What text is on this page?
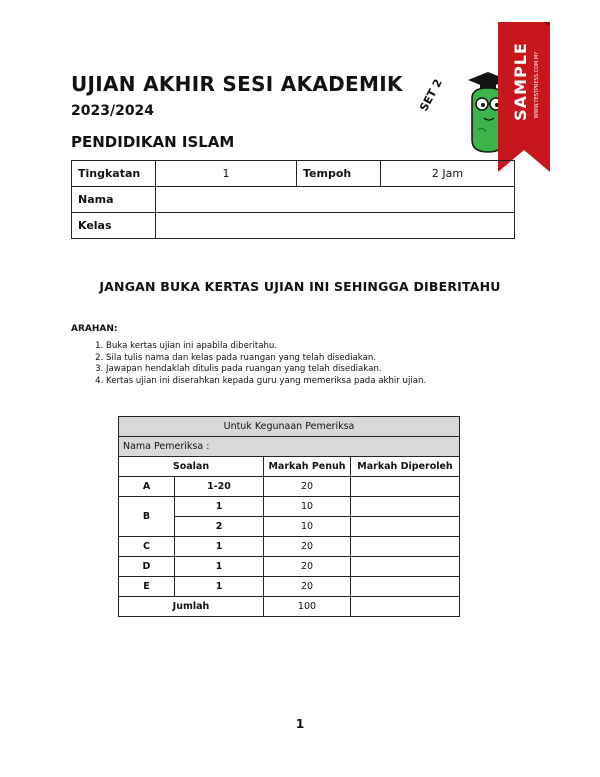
UJIAN AKHIR SESI AKADEMIK
2023/2024
PENDIDIKAN ISLAM
SET 2	SAMPLE WWW.TESTPRESS.COM.MY
Tingkatan	1	Tempoh	2 Jam
Nama			
Kelas			
JANGAN BUKA KERTAS UJIAN INI SEHINGGA DIBERITAHU
ARAHAN:
1. Buka kertas ujian ini apabila diberitahu.
2. Sila tulis nama dan kelas pada ruangan yang telah disediakan.
3. Jawapan hendaklah ditulis pada ruangan yang telah disediakan.
4. Kertas ujian ini diserahkan kepada guru yang memeriksa pada akhir ujian.
Untuk Kegunaan Pemeriksa			
Nama Pemeriksa :			
Soalan		Markah Penuh	Markah Diperoleh
A	1-20	20	
B	1	10	
	2	10	
C	1	20	
D	1	20	
E	1	20	
Jumlah		100	
1
